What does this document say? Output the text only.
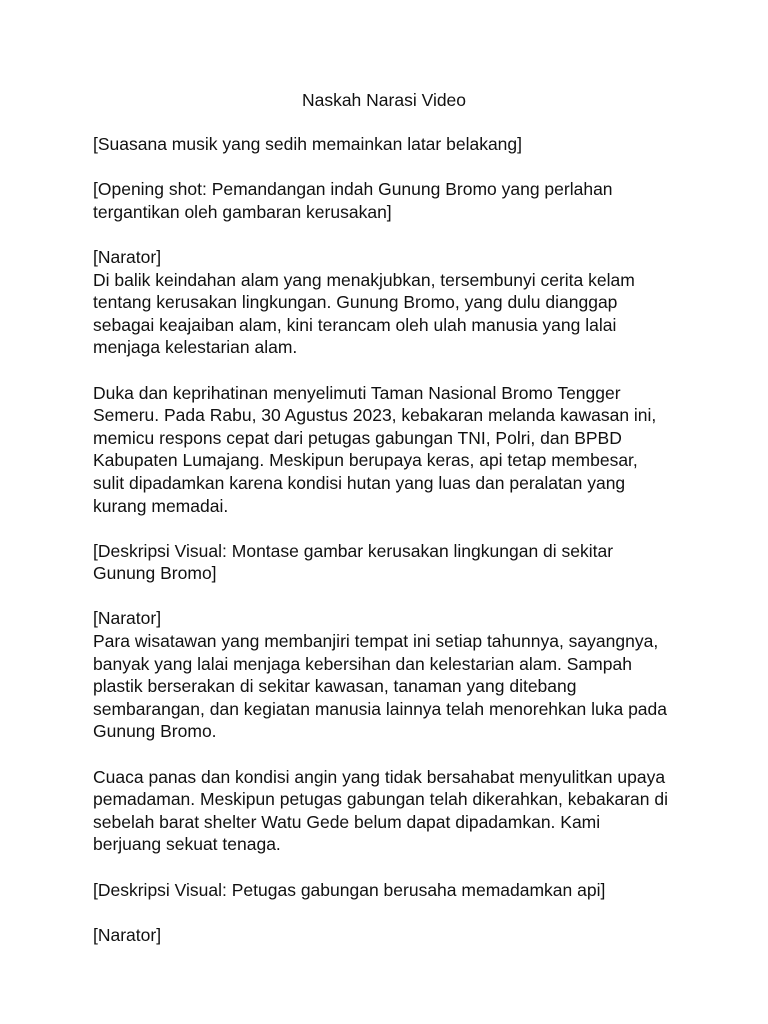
Naskah Narasi Video
[Suasana musik yang sedih memainkan latar belakang]
[Opening shot: Pemandangan indah Gunung Bromo yang perlahan
tergantikan oleh gambaran kerusakan]
[Narator]
Di balik keindahan alam yang menakjubkan, tersembunyi cerita kelam
tentang kerusakan lingkungan. Gunung Bromo, yang dulu dianggap
sebagai keajaiban alam, kini terancam oleh ulah manusia yang lalai
menjaga kelestarian alam.
Duka dan keprihatinan menyelimuti Taman Nasional Bromo Tengger
Semeru. Pada Rabu, 30 Agustus 2023, kebakaran melanda kawasan ini,
memicu respons cepat dari petugas gabungan TNI, Polri, dan BPBD
Kabupaten Lumajang. Meskipun berupaya keras, api tetap membesar,
sulit dipadamkan karena kondisi hutan yang luas dan peralatan yang
kurang memadai.
[Deskripsi Visual: Montase gambar kerusakan lingkungan di sekitar
Gunung Bromo]
[Narator]
Para wisatawan yang membanjiri tempat ini setiap tahunnya, sayangnya,
banyak yang lalai menjaga kebersihan dan kelestarian alam. Sampah
plastik berserakan di sekitar kawasan, tanaman yang ditebang
sembarangan, dan kegiatan manusia lainnya telah menorehkan luka pada
Gunung Bromo.
Cuaca panas dan kondisi angin yang tidak bersahabat menyulitkan upaya
pemadaman. Meskipun petugas gabungan telah dikerahkan, kebakaran di
sebelah barat shelter Watu Gede belum dapat dipadamkan. Kami
berjuang sekuat tenaga.
[Deskripsi Visual: Petugas gabungan berusaha memadamkan api]
[Narator]
